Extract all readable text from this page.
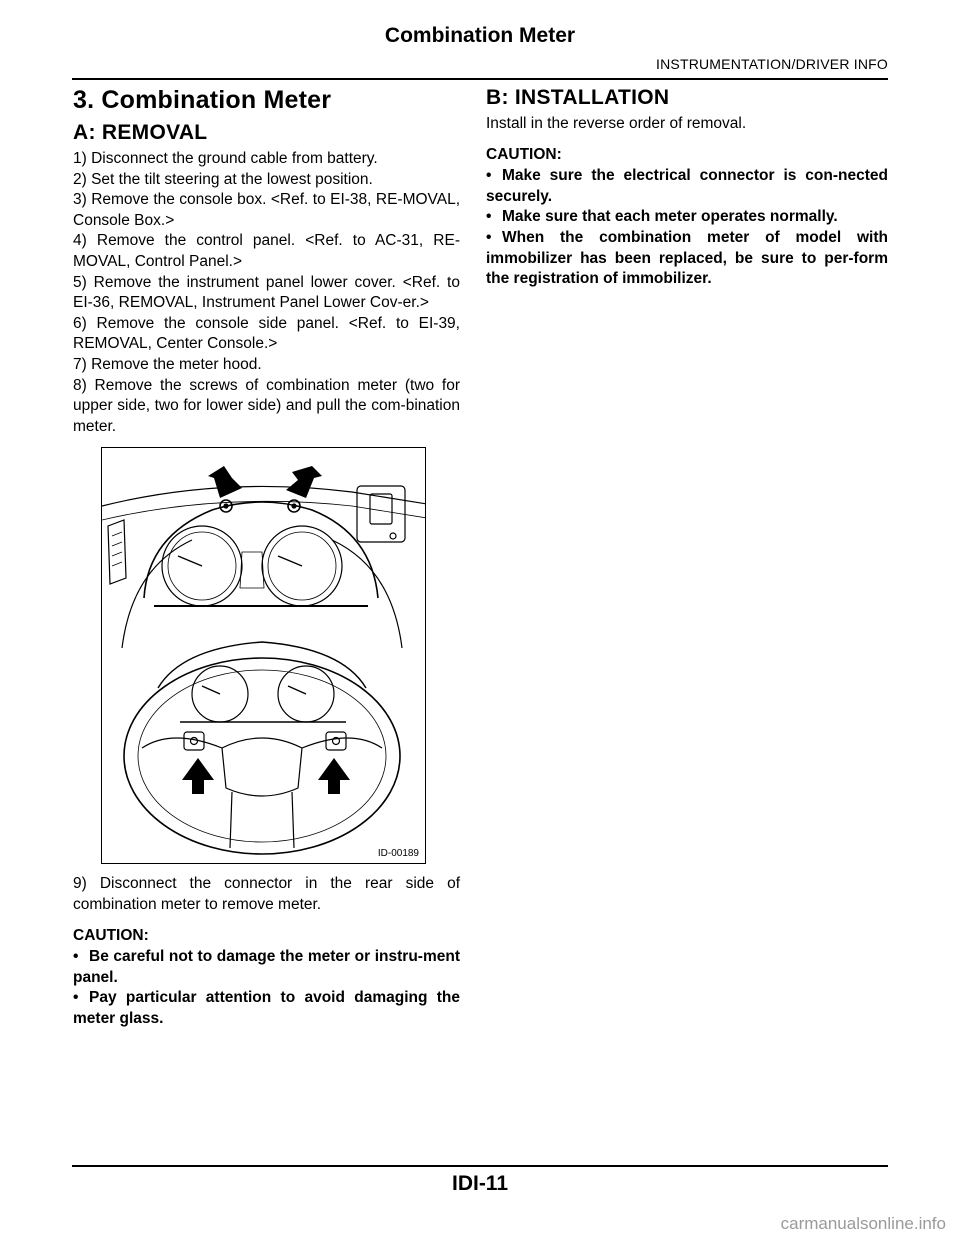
Combination Meter
INSTRUMENTATION/DRIVER INFO
3. Combination Meter
A: REMOVAL
1) Disconnect the ground cable from battery.
2) Set the tilt steering at the lowest position.
3) Remove the console box. <Ref. to EI-38, RE-MOVAL, Console Box.>
4) Remove the control panel. <Ref. to AC-31, RE-MOVAL, Control Panel.>
5) Remove the instrument panel lower cover. <Ref. to EI-36, REMOVAL, Instrument Panel Lower Cov-er.>
6) Remove the console side panel. <Ref. to EI-39, REMOVAL, Center Console.>
7) Remove the meter hood.
8) Remove the screws of combination meter (two for upper side, two for lower side) and pull the com-bination meter.
ID-00189
9) Disconnect the connector in the rear side of combination meter to remove meter.
CAUTION:
• Be careful not to damage the meter or instru-ment panel.
• Pay particular attention to avoid damaging the meter glass.
B: INSTALLATION
Install in the reverse order of removal.
CAUTION:
• Make sure the electrical connector is con-nected securely.
• Make sure that each meter operates normally.
• When the combination meter of model with immobilizer has been replaced, be sure to per-form the registration of immobilizer.
IDI-11
carmanualsonline.info
